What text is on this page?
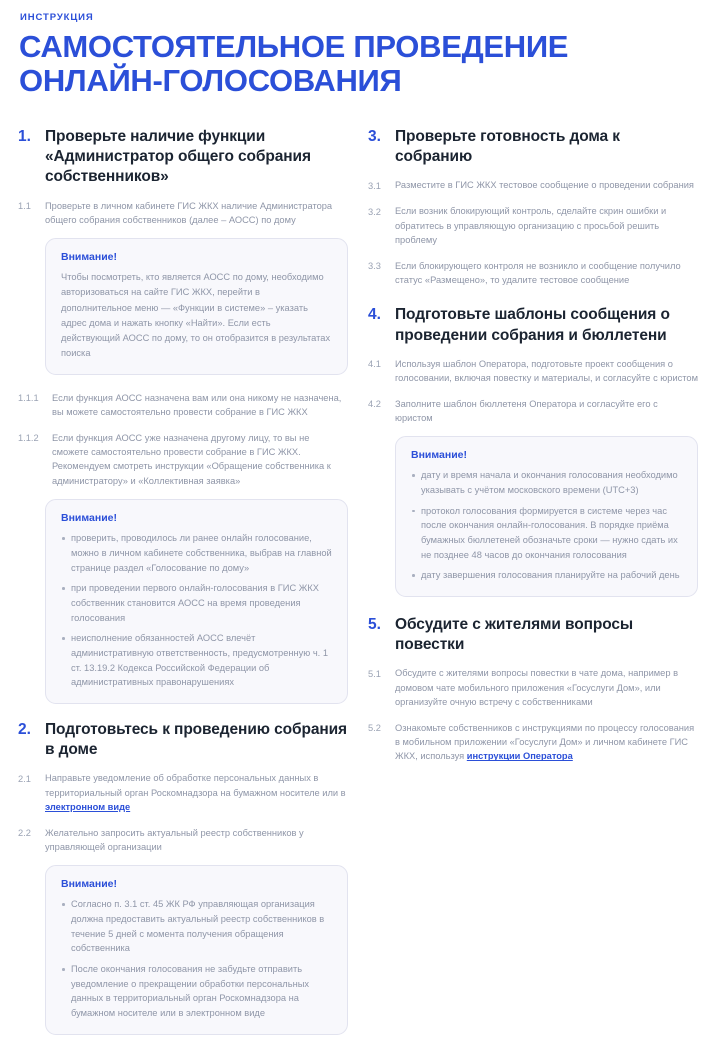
ИНСТРУКЦИЯ
САМОСТОЯТЕЛЬНОЕ ПРОВЕДЕНИЕ ОНЛАЙН-ГОЛОСОВАНИЯ
1. Проверьте наличие функции «Администратор общего собрания собственников»
1.1	Проверьте в личном кабинете ГИС ЖКХ наличие Администратора общего собрания собственников (далее – АОСС) по дому
Внимание!
Чтобы посмотреть, кто является АОСС по дому, необходимо авторизоваться на сайте ГИС ЖКХ, перейти в дополнительное меню — «Функции в системе» – указать адрес дома и нажать кнопку «Найти». Если есть действующий АОСС по дому, то он отобразится в результатах поиска
1.1.1	Если функция АОСС назначена вам или она никому не назначена, вы можете самостоятельно провести собрание в ГИС ЖКХ
1.1.2	Если функция АОСС уже назначена другому лицу, то вы не сможете самостоятельно провести собрание в ГИС ЖКХ. Рекомендуем смотреть инструкции «Обращение собственника к администратору» и «Коллективная заявка»
Внимание!
проверить, проводилось ли ранее онлайн голосование, можно в личном кабинете собственника, выбрав на главной странице раздел «Голосование по дому»
при проведении первого онлайн-голосования в ГИС ЖКХ собственник становится АОСС на время проведения голосования
неисполнение обязанностей АОСС влечёт административную ответственность, предусмотренную ч. 1 ст. 13.19.2 Кодекса Российской Федерации об административных правонарушениях
2. Подготовьтесь к проведению собрания в доме
2.1	Направьте уведомление об обработке персональных данных в территориальный орган Роскомнадзора на бумажном носителе или в электронном виде
2.2	Желательно запросить актуальный реестр собственников у управляющей организации
Внимание!
Согласно п. 3.1 ст. 45 ЖК РФ управляющая организация должна предоставить актуальный реестр собственников в течение 5 дней с момента получения обращения собственника
После окончания голосования не забудьте отправить уведомление о прекращении обработки персональных данных в территориальный орган Роскомнадзора на бумажном носителе или в электронном виде
3. Проверьте готовность дома к собранию
3.1	Разместите в ГИС ЖКХ тестовое сообщение о проведении собрания
3.2	Если возник блокирующий контроль, сделайте скрин ошибки и обратитесь в управляющую организацию с просьбой решить проблему
3.3	Если блокирующего контроля не возникло и сообщение получило статус «Размещено», то удалите тестовое сообщение
4. Подготовьте шаблоны сообщения о проведении собрания и бюллетени
4.1	Используя шаблон Оператора, подготовьте проект сообщения о голосовании, включая повестку и материалы, и согласуйте с юристом
4.2	Заполните шаблон бюллетеня Оператора и согласуйте его с юристом
Внимание!
дату и время начала и окончания голосования необходимо указывать с учётом московского времени (UTC+3)
протокол голосования формируется в системе через час после окончания онлайн-голосования. В порядке приёма бумажных бюллетеней обозначьте сроки — нужно сдать их не позднее 48 часов до окончания голосования
дату завершения голосования планируйте на рабочий день
5. Обсудите с жителями вопросы повестки
5.1	Обсудите с жителями вопросы повестки в чате дома, например в домовом чате мобильного приложения «Госуслуги Дом», или организуйте очную встречу с собственниками
5.2	Ознакомьте собственников с инструкциями по процессу голосования в мобильном приложении «Госуслуги Дом» и личном кабинете ГИС ЖКХ, используя инструкции Оператора
